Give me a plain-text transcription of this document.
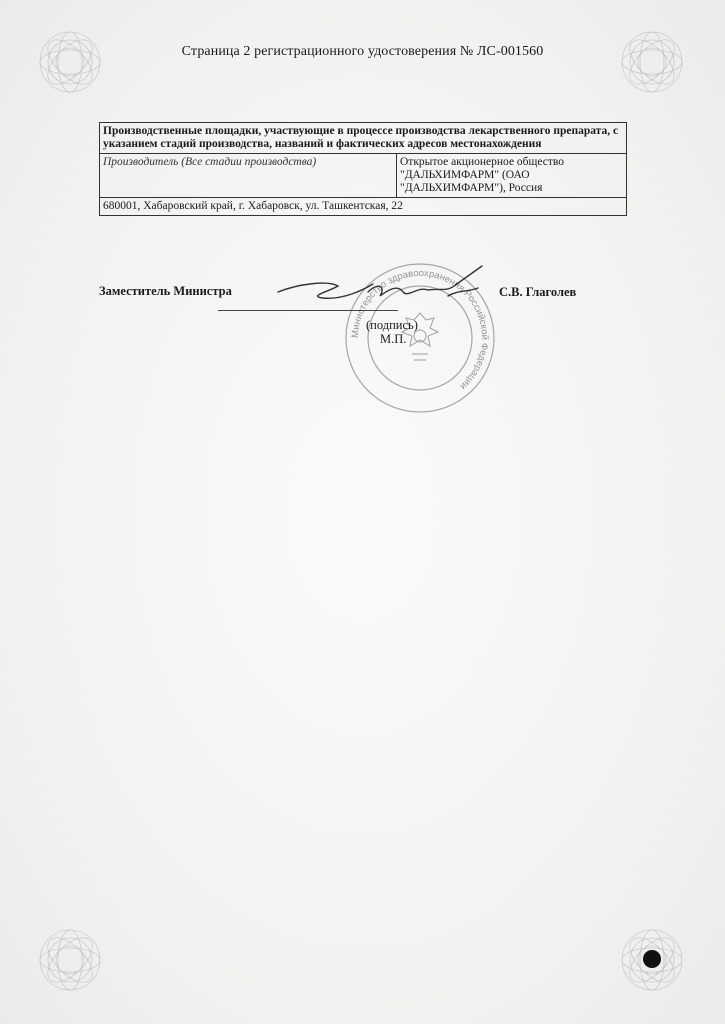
Страница 2 регистрационного удостоверения № ЛС-001560
Производственные площадки, участвующие в процессе производства лекарственного препарата, с указанием стадий производства, названий и фактических адресов местонахождения
Производитель (Все стадии производства)	Открытое акционерное общество "ДАЛЬХИМФАРМ" (ОАО "ДАЛЬХИМФАРМ"), Россия
680001, Хабаровский край, г. Хабаровск, ул. Ташкентская, 22
Министерство здравоохранения Российской Федерации
Заместитель Министра	С.В. Глаголев
(подпись)
М.П.
